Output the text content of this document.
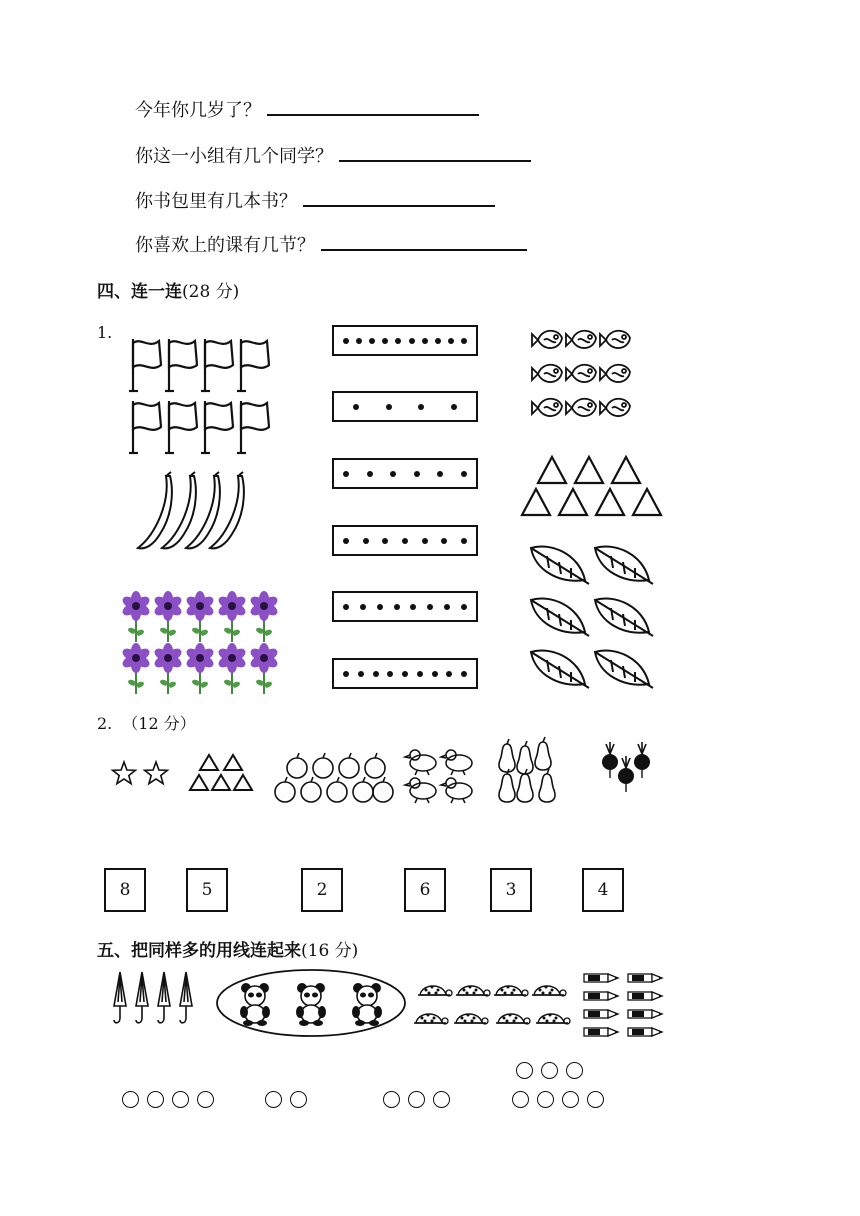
今年你几岁了？
你这一小组有几个同学？
你书包里有几本书？
你喜欢上的课有几节？
四、连一连(28 分)
1.
2. （12 分）
8	5	2	6	3	4
五、把同样多的用线连起来(16 分)
